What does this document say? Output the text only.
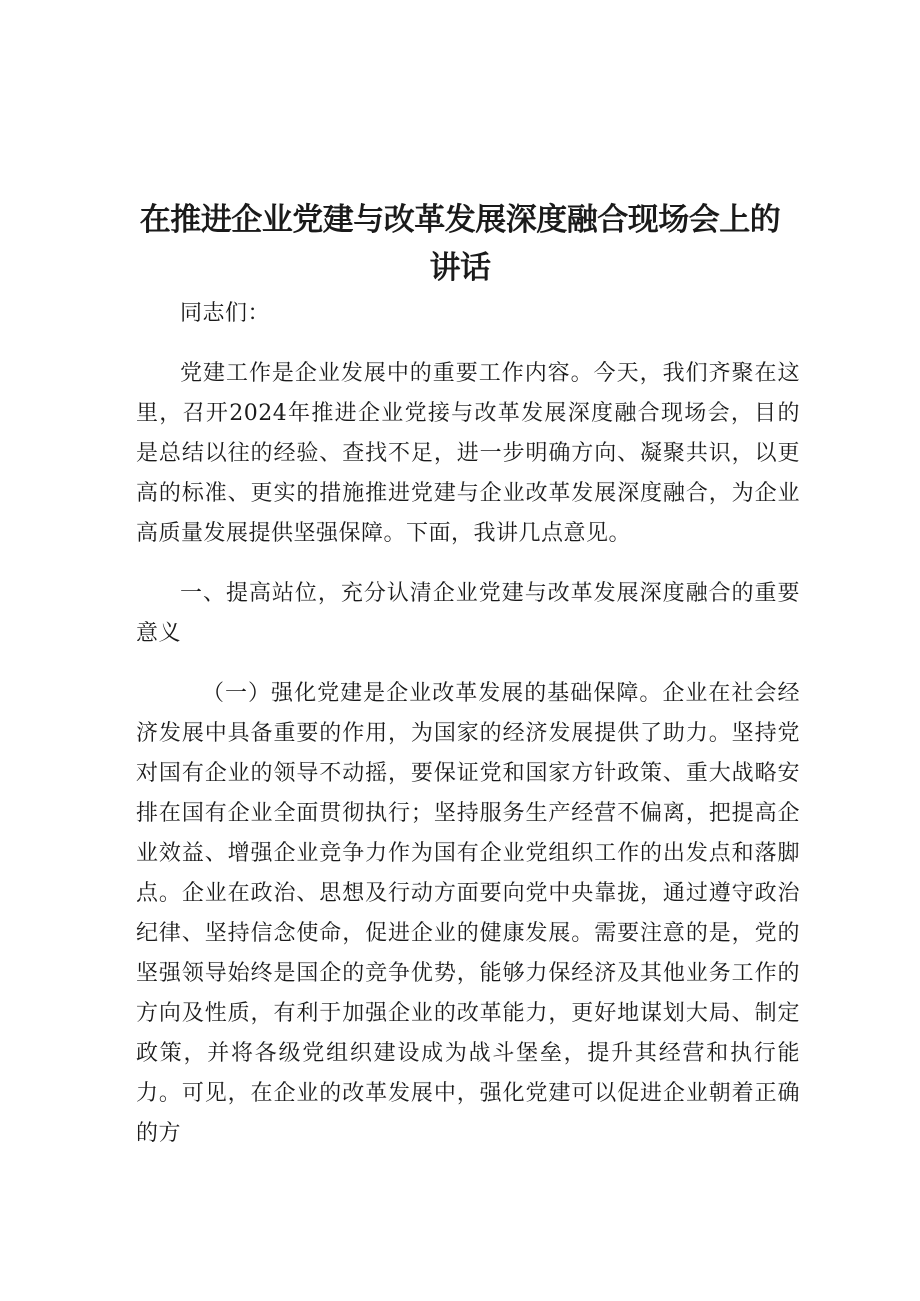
在推进企业党建与改革发展深度融合现场会上的讲话

同志们：

党建工作是企业发展中的重要工作内容。今天，我们齐聚在这里，召开2024年推进企业党接与改革发展深度融合现场会，目的是总结以往的经验、查找不足，进一步明确方向、凝聚共识，以更高的标准、更实的措施推进党建与企业改革发展深度融合，为企业高质量发展提供坚强保障。下面，我讲几点意见。

一、提高站位，充分认清企业党建与改革发展深度融合的重要意义

（一）强化党建是企业改革发展的基础保障。企业在社会经济发展中具备重要的作用，为国家的经济发展提供了助力。坚持党对国有企业的领导不动摇，要保证党和国家方针政策、重大战略安排在国有企业全面贯彻执行；坚持服务生产经营不偏离，把提高企业效益、增强企业竞争力作为国有企业党组织工作的出发点和落脚点。企业在政治、思想及行动方面要向党中央靠拢，通过遵守政治纪律、坚持信念使命，促进企业的健康发展。需要注意的是，党的坚强领导始终是国企的竞争优势，能够力保经济及其他业务工作的方向及性质，有利于加强企业的改革能力，更好地谋划大局、制定政策，并将各级党组织建设成为战斗堡垒，提升其经营和执行能力。可见，在企业的改革发展中，强化党建可以促进企业朝着正确的方
